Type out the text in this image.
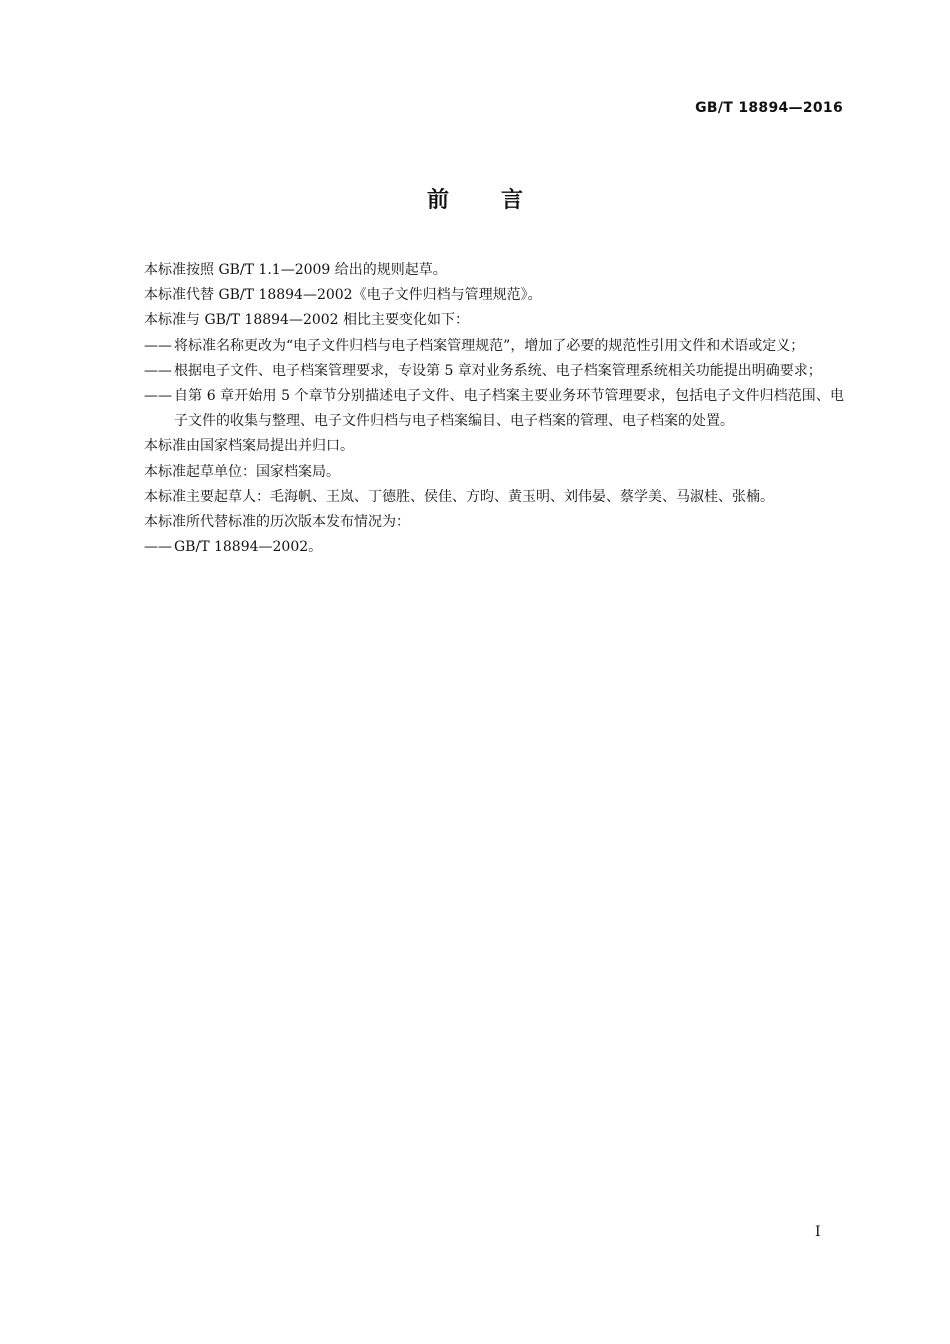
GB/T 18894—2016
前 言

本标准按照 GB/T 1.1—2009 给出的规则起草。

本标准代替 GB/T 18894—2002《电子文件归档与管理规范》。

本标准与 GB/T 18894—2002 相比主要变化如下：

—— 将标准名称更改为“电子文件归档与电子档案管理规范”，增加了必要的规范性引用文件和术语或定义；
—— 根据电子文件、电子档案管理要求，专设第 5 章对业务系统、电子档案管理系统相关功能提出明确要求；
—— 自第 6 章开始用 5 个章节分别描述电子文件、电子档案主要业务环节管理要求，包括电子文件归档范围、电子文件的收集与整理、电子文件归档与电子档案编目、电子档案的管理、电子档案的处置。

本标准由国家档案局提出并归口。

本标准起草单位：国家档案局。

本标准主要起草人：毛海帆、王岚、丁德胜、侯佳、方昀、黄玉明、刘伟晏、蔡学美、马淑桂、张楠。

本标准所代替标准的历次版本发布情况为：

—— GB/T 18894—2002。
I
